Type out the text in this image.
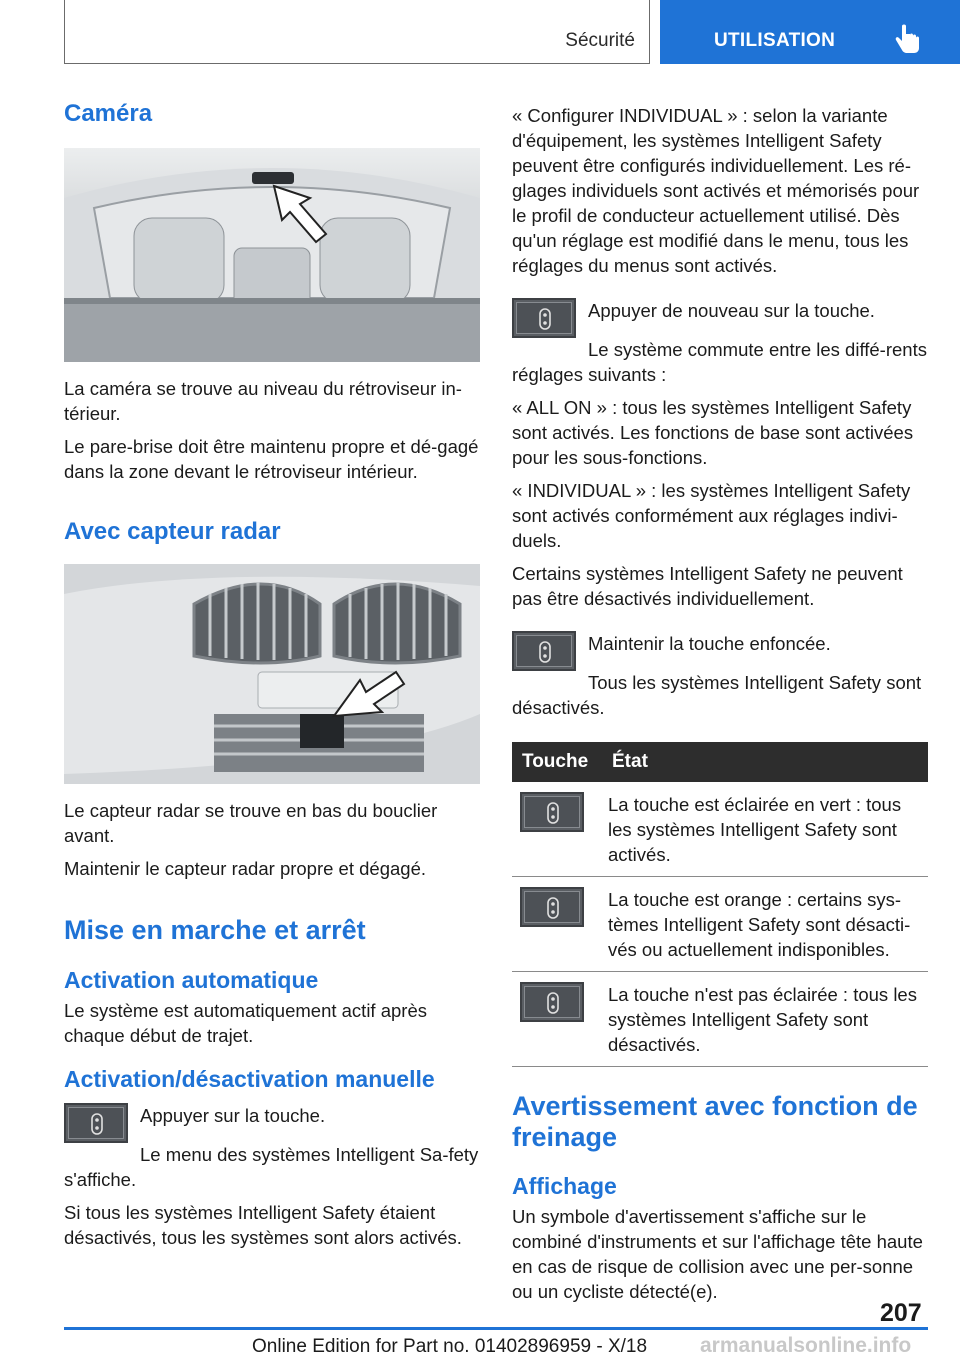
Sécurité	UTILISATION
Caméra

La caméra se trouve au niveau du rétroviseur in-térieur.

Le pare-brise doit être maintenu propre et dé-gagé dans la zone devant le rétroviseur intérieur.

Avec capteur radar

Le capteur radar se trouve en bas du bouclier avant.

Maintenir le capteur radar propre et dégagé.

Mise en marche et arrêt
Activation automatique

Le système est automatiquement actif après chaque début de trajet.

Activation/désactivation manuelle

Appuyer sur la touche.

Le menu des systèmes Intelligent Sa-fety s'affiche.

Si tous les systèmes Intelligent Safety étaient désactivés, tous les systèmes sont alors activés.

« Configurer INDIVIDUAL » : selon la variante d'équipement, les systèmes Intelligent Safety peuvent être configurés individuellement. Les ré-glages individuels sont activés et mémorisés pour le profil de conducteur actuellement utilisé. Dès qu'un réglage est modifié dans le menu, tous les réglages du menus sont activés.

Appuyer de nouveau sur la touche.

Le système commute entre les diffé-rents réglages suivants :

« ALL ON » : tous les systèmes Intelligent Safety sont activés. Les fonctions de base sont activées pour les sous-fonctions.

« INDIVIDUAL » : les systèmes Intelligent Safety sont activés conformément aux réglages indivi-duels.

Certains systèmes Intelligent Safety ne peuvent pas être désactivés individuellement.

Maintenir la touche enfoncée.

Tous les systèmes Intelligent Safety sont désactivés.

Touche	État

	La touche est éclairée en vert : tous les systèmes Intelligent Safety sont activés.

	La touche est orange : certains sys-tèmes Intelligent Safety sont désacti-vés ou actuellement indisponibles.

	La touche n'est pas éclairée : tous les systèmes Intelligent Safety sont désactivés.
Avertissement avec fonction de freinage
Affichage

Un symbole d'avertissement s'affiche sur le combiné d'instruments et sur l'affichage tête haute en cas de risque de collision avec une per-sonne ou un cycliste détecté(e).

207
Online Edition for Part no. 01402896959 - X/18	armanualsonline.info
